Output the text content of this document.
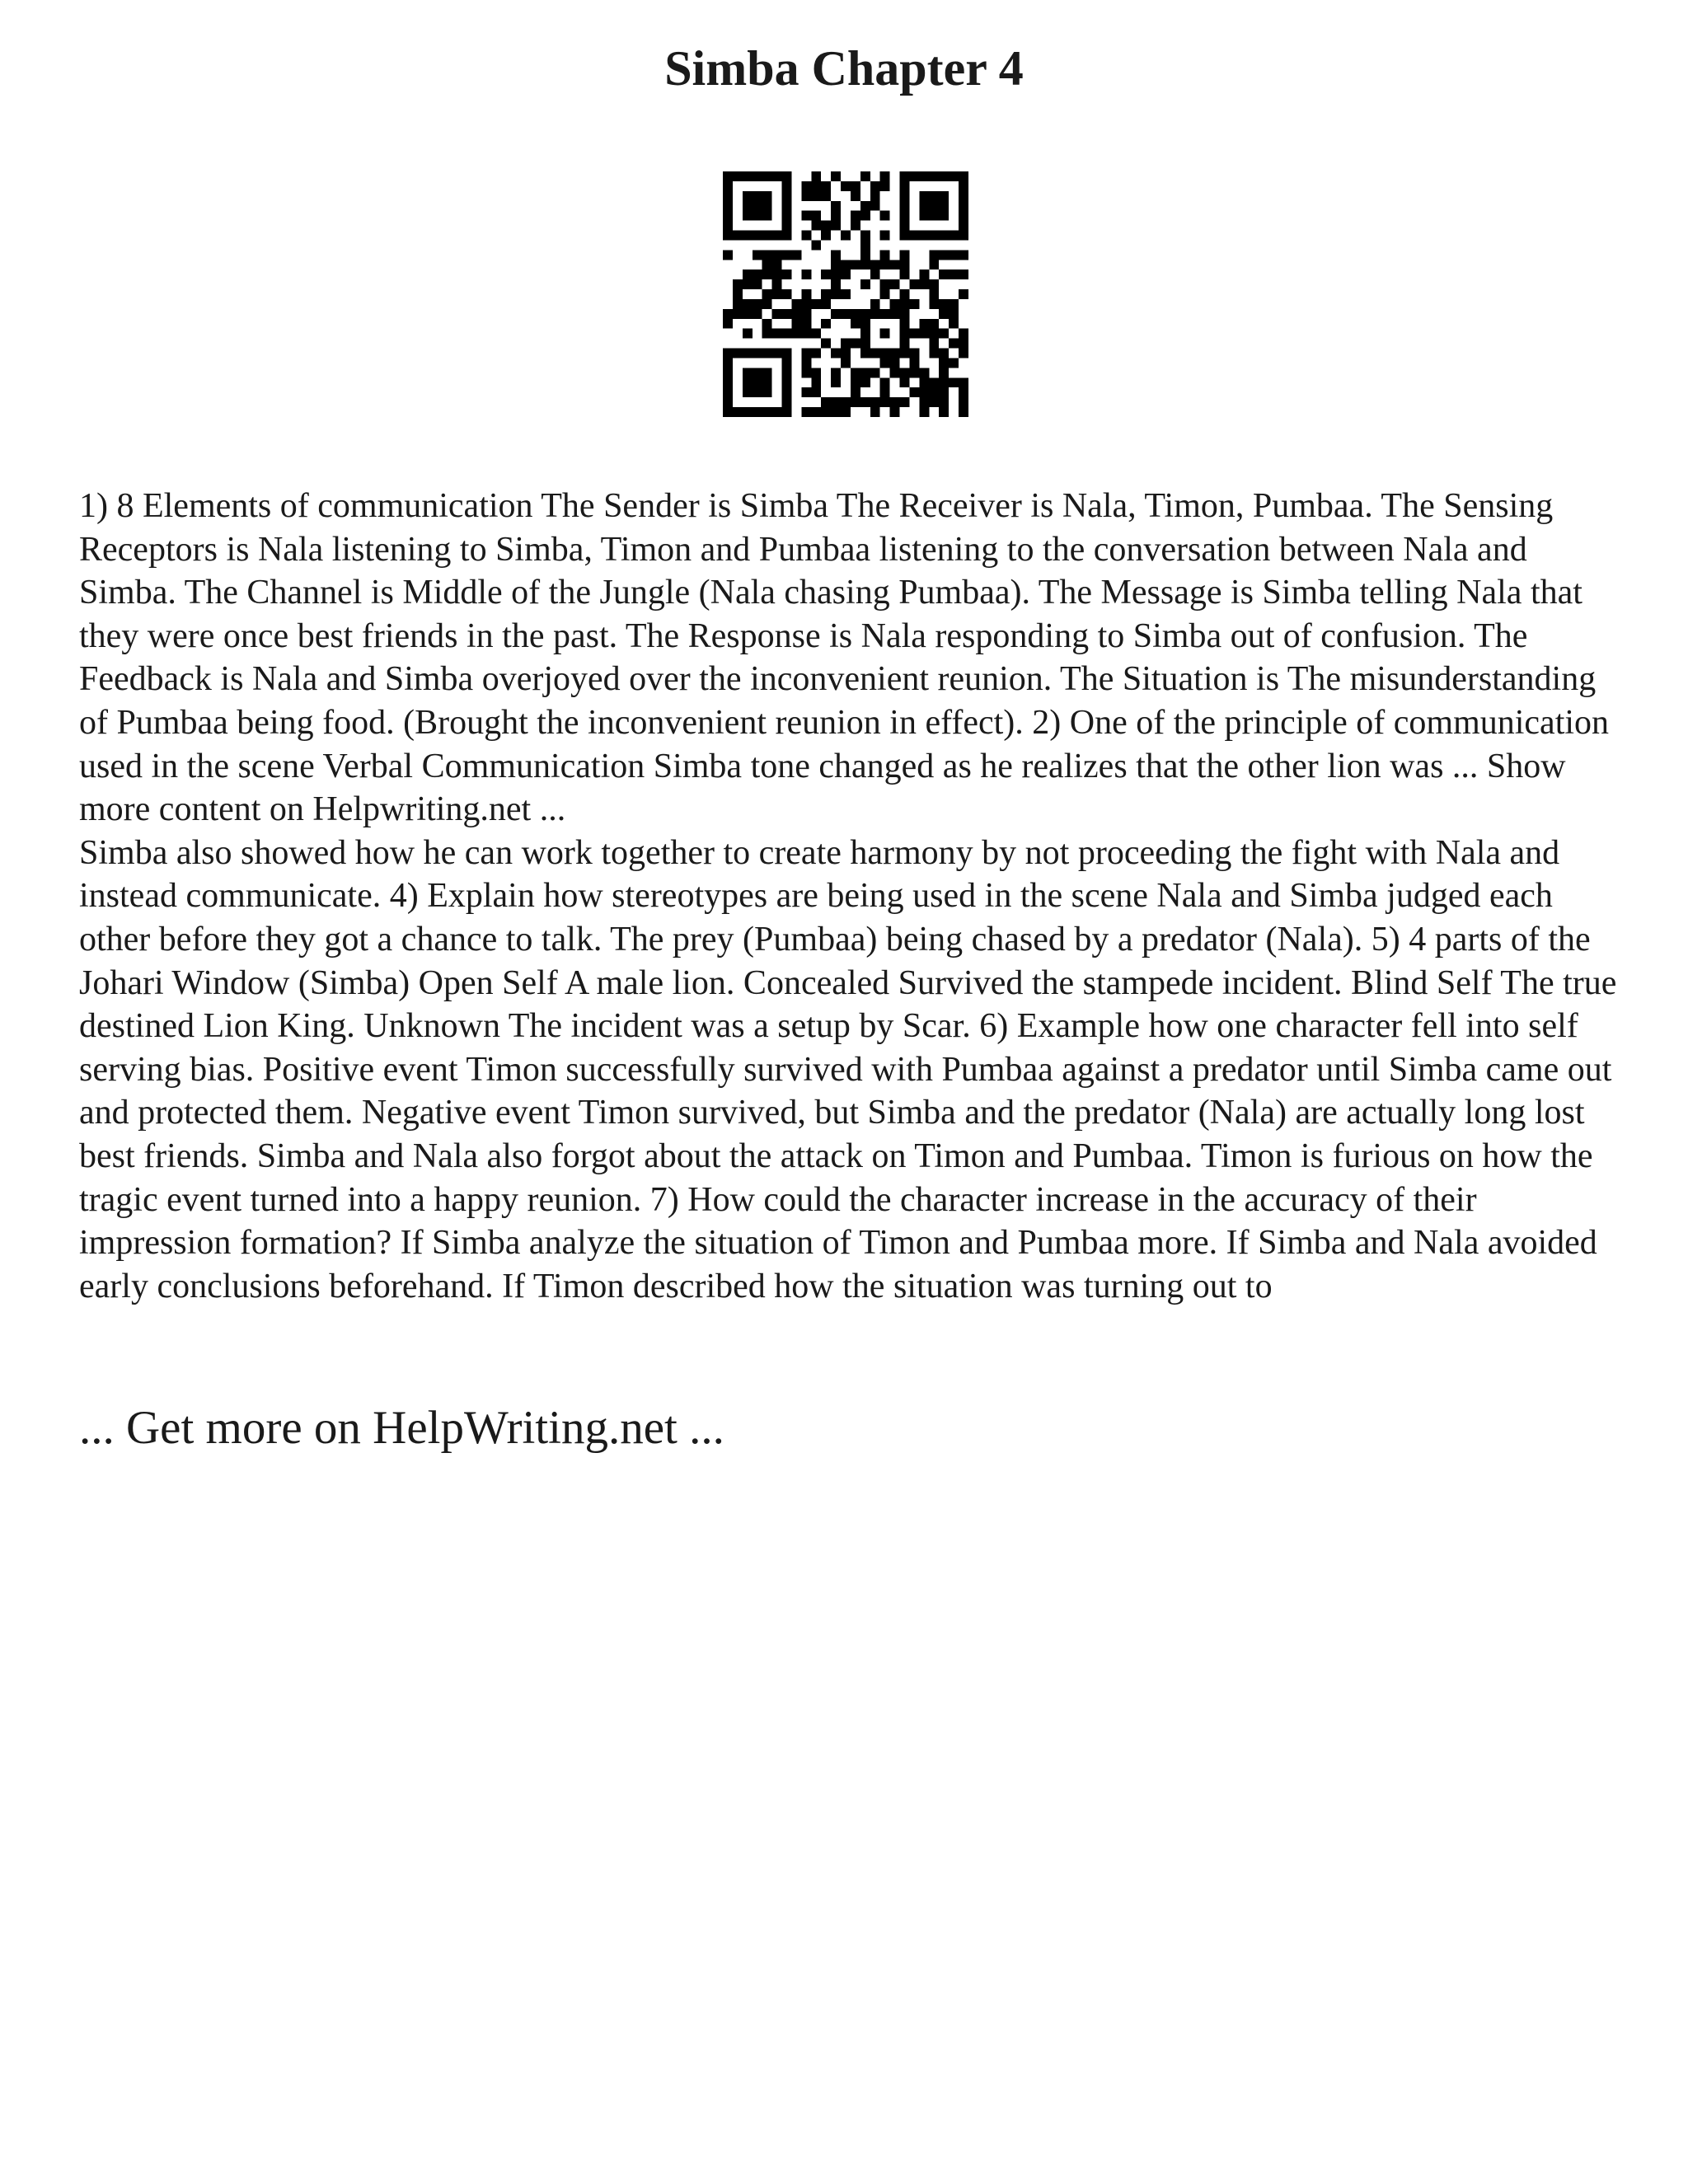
Simba Chapter 4

1) 8 Elements of communication The Sender is Simba The Receiver is Nala, Timon, Pumbaa. The Sensing Receptors is Nala listening to Simba, Timon and Pumbaa listening to the conversation between Nala and Simba. The Channel is Middle of the Jungle (Nala chasing Pumbaa). The Message is Simba telling Nala that they were once best friends in the past. The Response is Nala responding to Simba out of confusion. The Feedback is Nala and Simba overjoyed over the inconvenient reunion. The Situation is The misunderstanding of Pumbaa being food. (Brought the inconvenient reunion in effect). 2) One of the principle of communication used in the scene Verbal Communication Simba tone changed as he realizes that the other lion was ... Show more content on Helpwriting.net ...

Simba also showed how he can work together to create harmony by not proceeding the fight with Nala and instead communicate. 4) Explain how stereotypes are being used in the scene Nala and Simba judged each other before they got a chance to talk. The prey (Pumbaa) being chased by a predator (Nala). 5) 4 parts of the Johari Window (Simba) Open Self A male lion. Concealed Survived the stampede incident. Blind Self The true destined Lion King. Unknown The incident was a setup by Scar. 6) Example how one character fell into self serving bias. Positive event Timon successfully survived with Pumbaa against a predator until Simba came out and protected them. Negative event Timon survived, but Simba and the predator (Nala) are actually long lost best friends. Simba and Nala also forgot about the attack on Timon and Pumbaa. Timon is furious on how the tragic event turned into a happy reunion. 7) How could the character increase in the accuracy of their impression formation? If Simba analyze the situation of Timon and Pumbaa more. If Simba and Nala avoided early conclusions beforehand. If Timon described how the situation was turning out to

... Get more on HelpWriting.net ...
